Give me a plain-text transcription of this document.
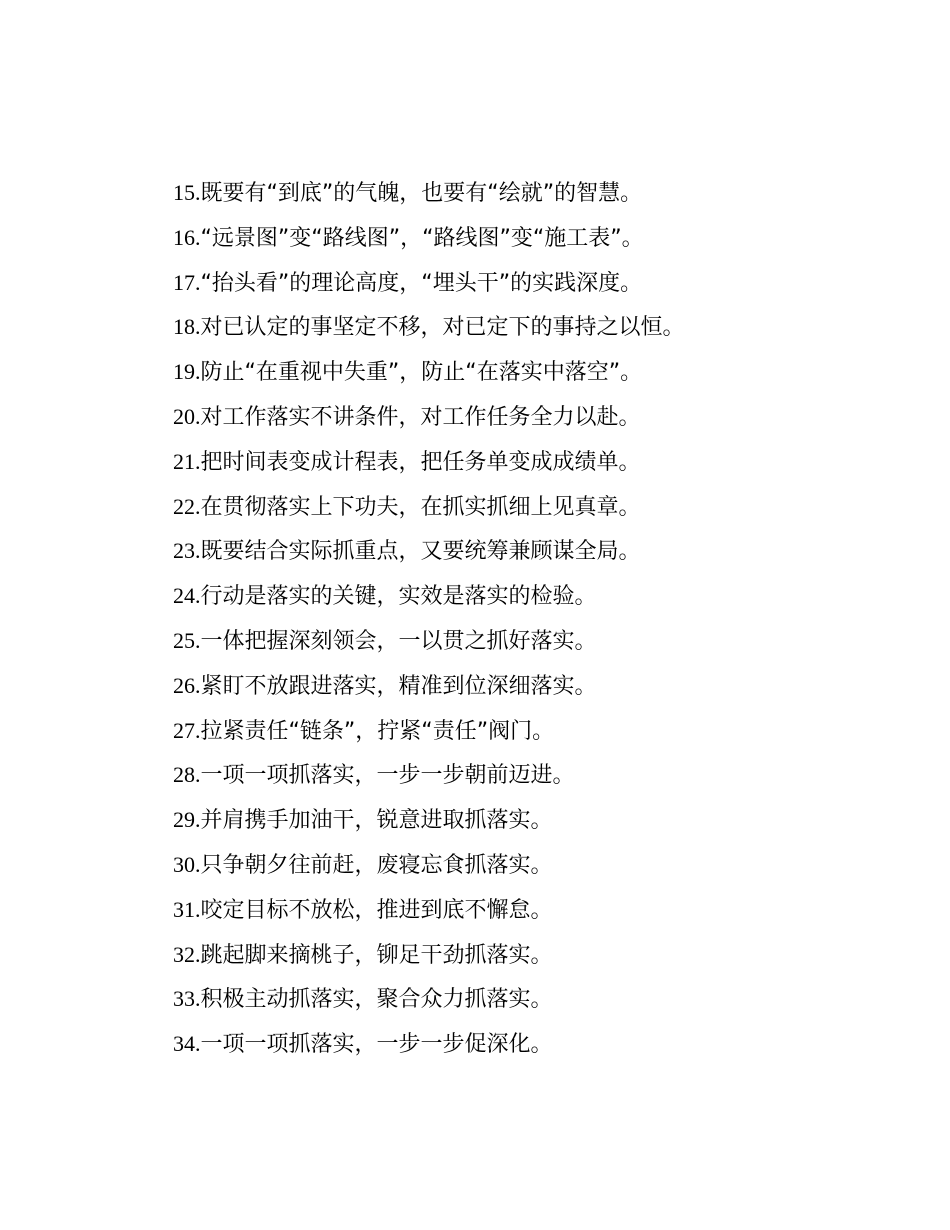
15.既要有“到底”的气魄，也要有“绘就”的智慧。
16.“远景图”变“路线图”，“路线图”变“施工表”。
17.“抬头看”的理论高度，“埋头干”的实践深度。
18.对已认定的事坚定不移，对已定下的事持之以恒。
19.防止“在重视中失重”，防止“在落实中落空”。
20.对工作落实不讲条件，对工作任务全力以赴。
21.把时间表变成计程表，把任务单变成成绩单。
22.在贯彻落实上下功夫，在抓实抓细上见真章。
23.既要结合实际抓重点，又要统筹兼顾谋全局。
24.行动是落实的关键，实效是落实的检验。
25.一体把握深刻领会，一以贯之抓好落实。
26.紧盯不放跟进落实，精准到位深细落实。
27.拉紧责任“链条”，拧紧“责任”阀门。
28.一项一项抓落实，一步一步朝前迈进。
29.并肩携手加油干，锐意进取抓落实。
30.只争朝夕往前赶，废寝忘食抓落实。
31.咬定目标不放松，推进到底不懈怠。
32.跳起脚来摘桃子，铆足干劲抓落实。
33.积极主动抓落实，聚合众力抓落实。
34.一项一项抓落实，一步一步促深化。
